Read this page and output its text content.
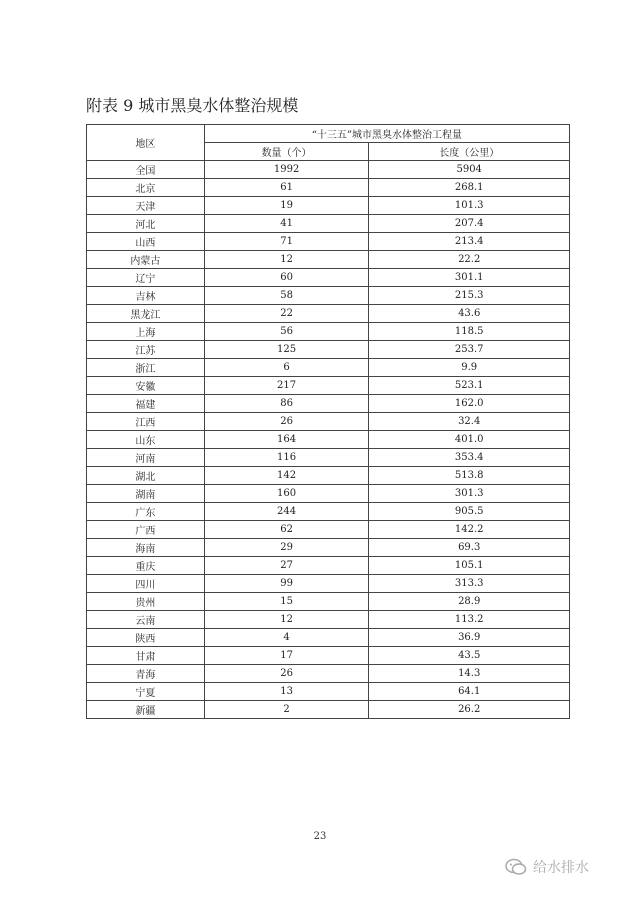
附表 9 城市黑臭水体整治规模
地区	“十三五”城市黑臭水体整治工程量	
	数量（个）	长度（公里）
全国	1992	5904
北京	61	268.1
天津	19	101.3
河北	41	207.4
山西	71	213.4
内蒙古	12	22.2
辽宁	60	301.1
吉林	58	215.3
黑龙江	22	43.6
上海	56	118.5
江苏	125	253.7
浙江	6	9.9
安徽	217	523.1
福建	86	162.0
江西	26	32.4
山东	164	401.0
河南	116	353.4
湖北	142	513.8
湖南	160	301.3
广东	244	905.5
广西	62	142.2
海南	29	69.3
重庆	27	105.1
四川	99	313.3
贵州	15	28.9
云南	12	113.2
陕西	4	36.9
甘肃	17	43.5
青海	26	14.3
宁夏	13	64.1
新疆	2	26.2
23
给水排水
